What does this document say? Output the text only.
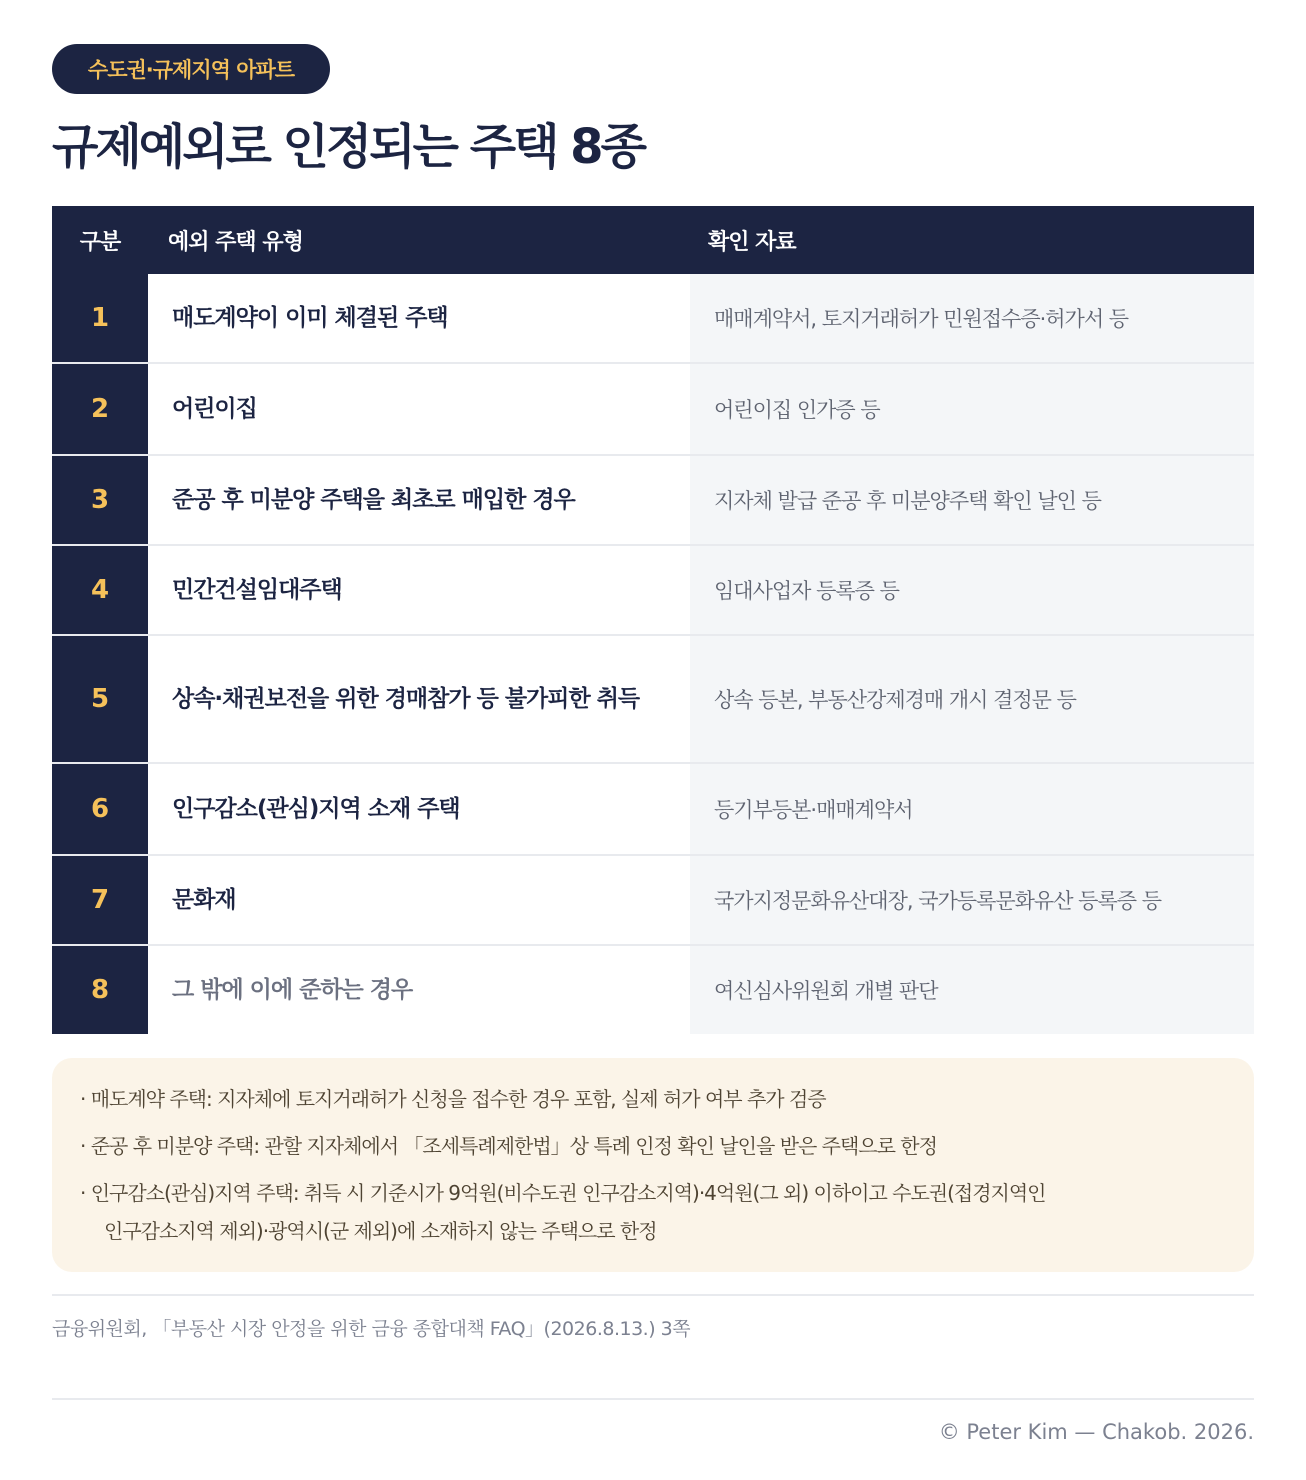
수도권·규제지역 아파트
규제예외로 인정되는 주택 8종
구분	예외 주택 유형	확인 자료
1	매도계약이 이미 체결된 주택	매매계약서, 토지거래허가 민원접수증·허가서 등
2	어린이집	어린이집 인가증 등
3	준공 후 미분양 주택을 최초로 매입한 경우	지자체 발급 준공 후 미분양주택 확인 날인 등
4	민간건설임대주택	임대사업자 등록증 등
5	상속·채권보전을 위한 경매참가 등 불가피한 취득	상속 등본, 부동산강제경매 개시 결정문 등
6	인구감소(관심)지역 소재 주택	등기부등본·매매계약서
7	문화재	국가지정문화유산대장, 국가등록문화유산 등록증 등
8	그 밖에 이에 준하는 경우	여신심사위원회 개별 판단

· 매도계약 주택: 지자체에 토지거래허가 신청을 접수한 경우 포함, 실제 허가 여부 추가 검증

· 준공 후 미분양 주택: 관할 지자체에서 「조세특례제한법」상 특례 인정 확인 날인을 받은 주택으로 한정

· 인구감소(관심)지역 주택: 취득 시 기준시가 9억원(비수도권 인구감소지역)·4억원(그 외) 이하이고 수도권(접경지역인
인구감소지역 제외)·광역시(군 제외)에 소재하지 않는 주택으로 한정

금융위원회, 「부동산 시장 안정을 위한 금융 종합대책 FAQ」(2026.8.13.) 3쪽
© Peter Kim — Chakob. 2026.
